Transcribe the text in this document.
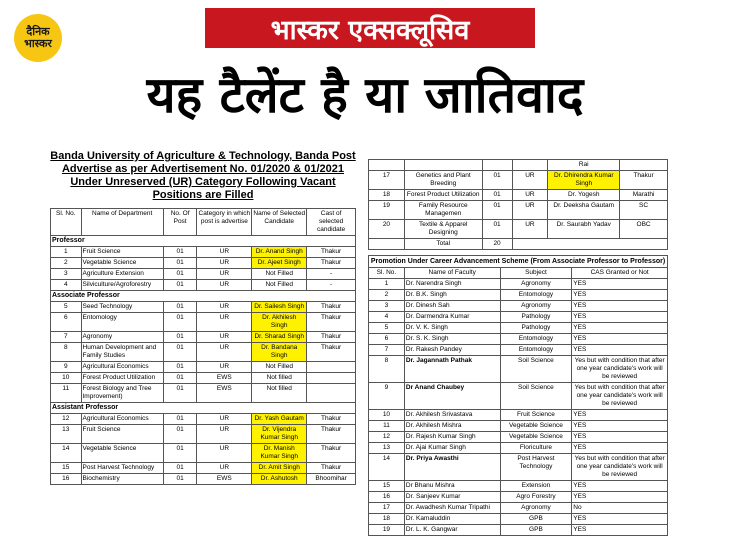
दैनिक
भास्कर	भास्कर एक्सक्लूसिव
यह टैलेंट है या जातिवाद
Banda University of Agriculture & Technology, Banda Post Advertise as per Advertisement No. 01/2020 & 01/2021 Under Unreserved (UR) Category Following Vacant Positions are Filled
Sl. No.	Name of Department	No. Of Post	Category in which post is advertise	Name of Selected Candidate	Cast of selected candidate
Professor					
1	Fruit Science	01	UR	Dr. Anand Singh	Thakur
2	Vegetable Science	01	UR	Dr. Ajeet Singh	Thakur
3	Agriculture Extension	01	UR	Not Filled	-
4	Silviculture/Agroforestry	01	UR	Not Filled	-
Associate Professor					
5	Seed Technology	01	UR	Dr. Sailesh Singh	Thakur
6	Entomology	01	UR	Dr. Akhilesh Singh	Thakur
7	Agronomy	01	UR	Dr. Sharad Singh	Thakur
8	Human Development and Family Studies	01	UR	Dr. Bandana Singh	Thakur
9	Agricultural Economics	01	UR	Not Filled	
10	Forest Product Utilization	01	EWS	Not filled	
11	Forest Biology and Tree Improvement)	01	EWS	Not filled	
Assistant Professor					
12	Agricultural Economics	01	UR	Dr. Yash Gautam	Thakur
13	Fruit Science	01	UR	Dr. Vijendra Kumar Singh	Thakur
14	Vegetable Science	01	UR	Dr. Manish Kumar Singh	Thakur
15	Post Harvest Technology	01	UR	Dr. Amit Singh	Thakur
16	Biochemistry	01	EWS	Dr. Ashutosh	Bhoomihar
				Rai	
17	Genetics and Plant Breeding	01	UR	Dr. Dhirendra Kumar Singh	Thakur
18	Forest Product Utilization	01	UR	Dr. Yogesh	Marathi
19	Family Resource Managemen	01	UR	Dr. Deeksha Gautam	SC
20	Textile & Apparel Designing	01	UR	Dr. Saurabh Yadav	OBC
	Total	20			
Promotion Under Career Advancement Scheme (From Associate Professor to Professor)
Sl. No.	Name of Faculty	Subject	CAS Granted or Not
1	Dr. Narendra Singh	Agronomy	YES
2	Dr. B.K. Singh	Entomology	YES
3	Dr. Dinesh Sah	Agronomy	YES
4	Dr. Darmendra Kumar	Pathology	YES
5	Dr. V. K. Singh	Pathology	YES
6	Dr. S. K. Singh	Entomology	YES
7	Dr. Rakesh Pandey	Entomology	YES
8	Dr. Jagannath Pathak	Soil Science	Yes but with condition that after one year candidate's work will be reviewed
9	Dr Anand Chaubey	Soil Science	Yes but with condition that after one year candidate's work will be reviewed
10	Dr. Akhilesh Srivastava	Fruit Science	YES
11	Dr. Akhilesh Mishra	Vegetable Science	YES
12	Dr. Rajesh Kumar Singh	Vegetable Science	YES
13	Dr. Ajai Kumar Singh	Floriculture	YES
14	Dr. Priya Awasthi	Post Harvest Technology	Yes but with condition that after one year candidate's work will be reviewed
15	Dr Bhanu Mishra	Extension	YES
16	Dr. Sanjeev Kumar	Agro Forestry	YES
17	Dr. Awadhesh Kumar Tripathi	Agronomy	No
18	Dr. Kamaluddin	GPB	YES
19	Dr. L. K. Gangwar	GPB	YES
